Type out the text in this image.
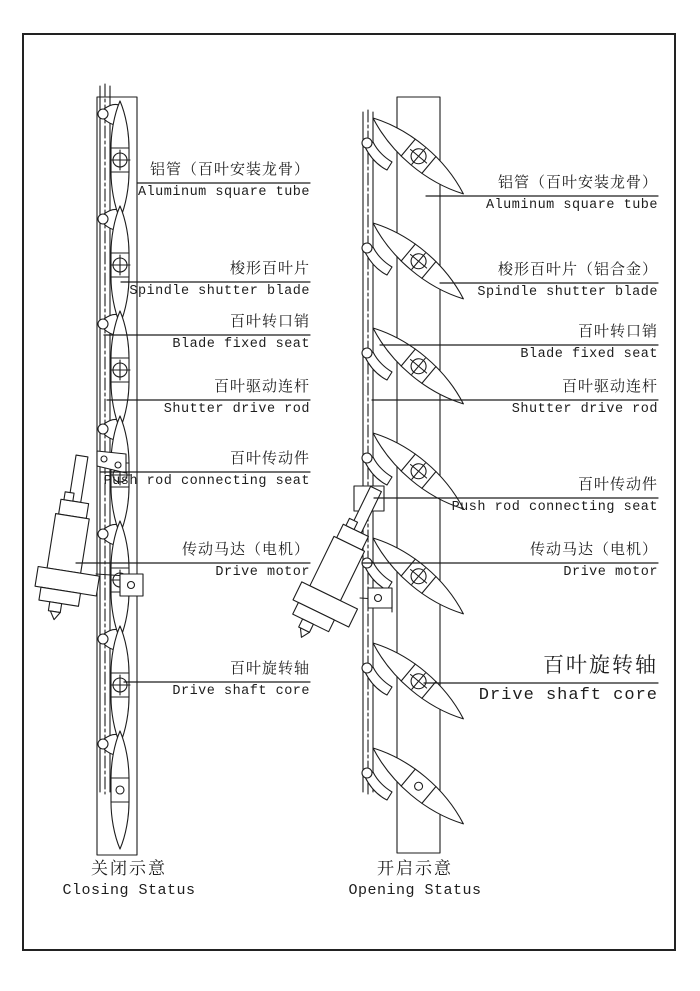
铝管（百叶安装龙骨）
Aluminum square tube
梭形百叶片
Spindle shutter blade
百叶转口销
Blade fixed seat
百叶驱动连杆
Shutter drive rod
百叶传动件
Push rod connecting seat
传动马达（电机）
Drive motor
百叶旋转轴
Drive shaft core
铝管（百叶安装龙骨）
Aluminum square tube
梭形百叶片（铝合金）
Spindle shutter blade
百叶转口销
Blade fixed seat
百叶驱动连杆
Shutter drive rod
百叶传动件
Push rod connecting seat
传动马达（电机）
Drive motor
百叶旋转轴
Drive shaft core
关闭示意
Closing Status
开启示意
Opening Status
